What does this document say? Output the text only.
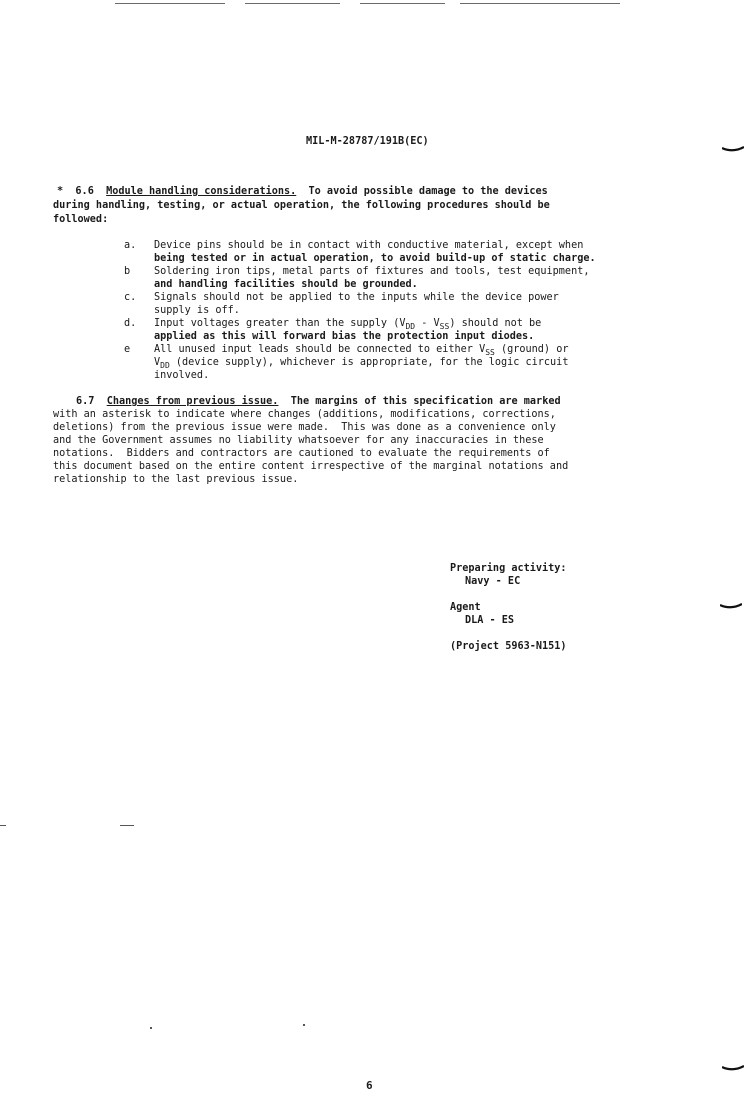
MIL-M-28787/191B(EC)
* 6.6 Module handling considerations. To avoid possible damage to the devices
during handling, testing, or actual operation, the following procedures should be
followed:
a. Device pins should be in contact with conductive material, except when
being tested or in actual operation, to avoid build-up of static charge.
b Soldering iron tips, metal parts of fixtures and tools, test equipment,
and handling facilities should be grounded.
c. Signals should not be applied to the inputs while the device power
supply is off.
d. Input voltages greater than the supply $(V_{DD} - V_{SS})$ should not be
applied as this will forward bias the protection input diodes.
e All unused input leads should be connected to either $V_{SS}$ (ground) or
$V_{DD}$ (device supply), whichever is appropriate, for the logic circuit
involved.
6.7 Changes from previous issue. The margins of this specification are marked
with an asterisk to indicate where changes (additions, modifications, corrections,
deletions) from the previous issue were made.  This was done as a convenience only
and the Government assumes no liability whatsoever for any inaccuracies in these
notations.  Bidders and contractors are cautioned to evaluate the requirements of
this document based on the entire content irrespective of the marginal notations and
relationship to the last previous issue.
Preparing activity:
Navy - EC
Agent
DLA - ES
(Project 5963-N151)
6
